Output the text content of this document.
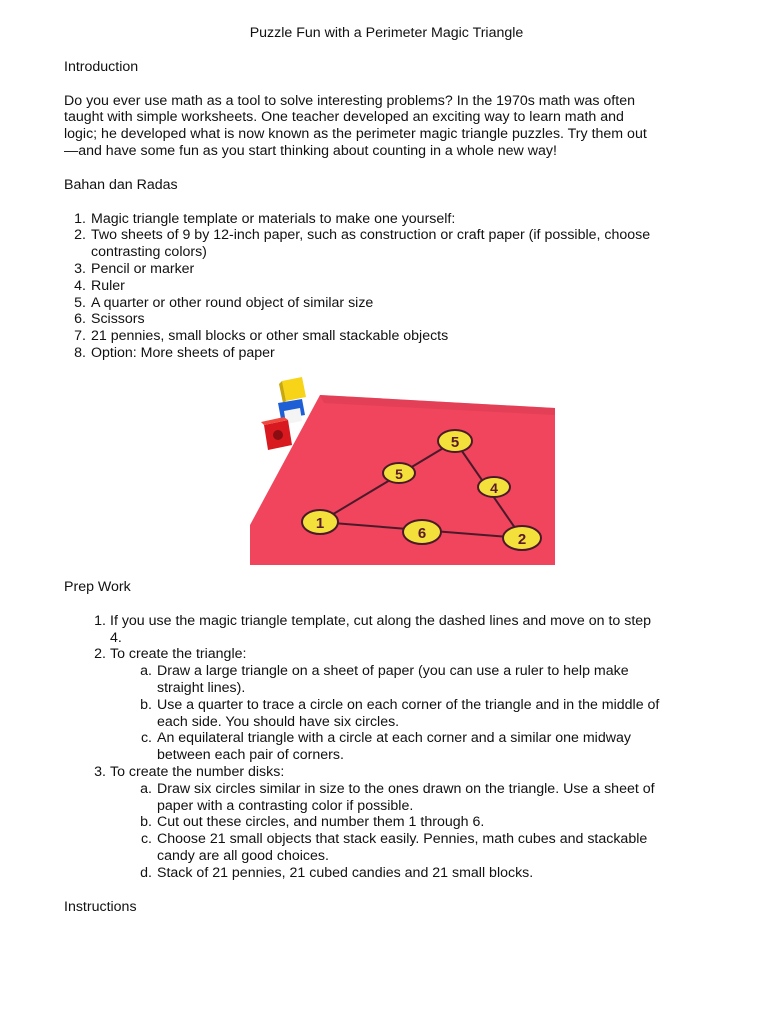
Puzzle Fun with a Perimeter Magic Triangle

Introduction

Do you ever use math as a tool to solve interesting problems? In the 1970s math was often
taught with simple worksheets. One teacher developed an exciting way to learn math and
logic; he developed what is now known as the perimeter magic triangle puzzles. Try them out
—and have some fun as you start thinking about counting in a whole new way!

Bahan dan Radas

1 . Magic triangle template or materials to make one yourself:
2 . Two sheets of 9 by 12-inch paper, such as construction or craft paper (if possible, choose
contrasting colors)
3 . Pencil or marker
4 . Ruler
5 . A quarter or other round object of similar size
6 . Scissors
7 . 21 pennies, small blocks or other small stackable objects
8 . Option: More sheets of paper
5
5
4
1
6	2

Prep Work

1 . If you use the magic triangle template, cut along the dashed lines and move on to step
4.
2 . To create the triangle:
a . Draw a large triangle on a sheet of paper (you can use a ruler to help make
straight lines).
b . Use a quarter to trace a circle on each corner of the triangle and in the middle of
each side. You should have six circles.
c . An equilateral triangle with a circle at each corner and a similar one midway
between each pair of corners.
3 . To create the number disks:
a . Draw six circles similar in size to the ones drawn on the triangle. Use a sheet of
paper with a contrasting color if possible.
b . Cut out these circles, and number them 1 through 6.
c . Choose 21 small objects that stack easily. Pennies, math cubes and stackable
candy are all good choices.
d . Stack of 21 pennies, 21 cubed candies and 21 small blocks.

Instructions
